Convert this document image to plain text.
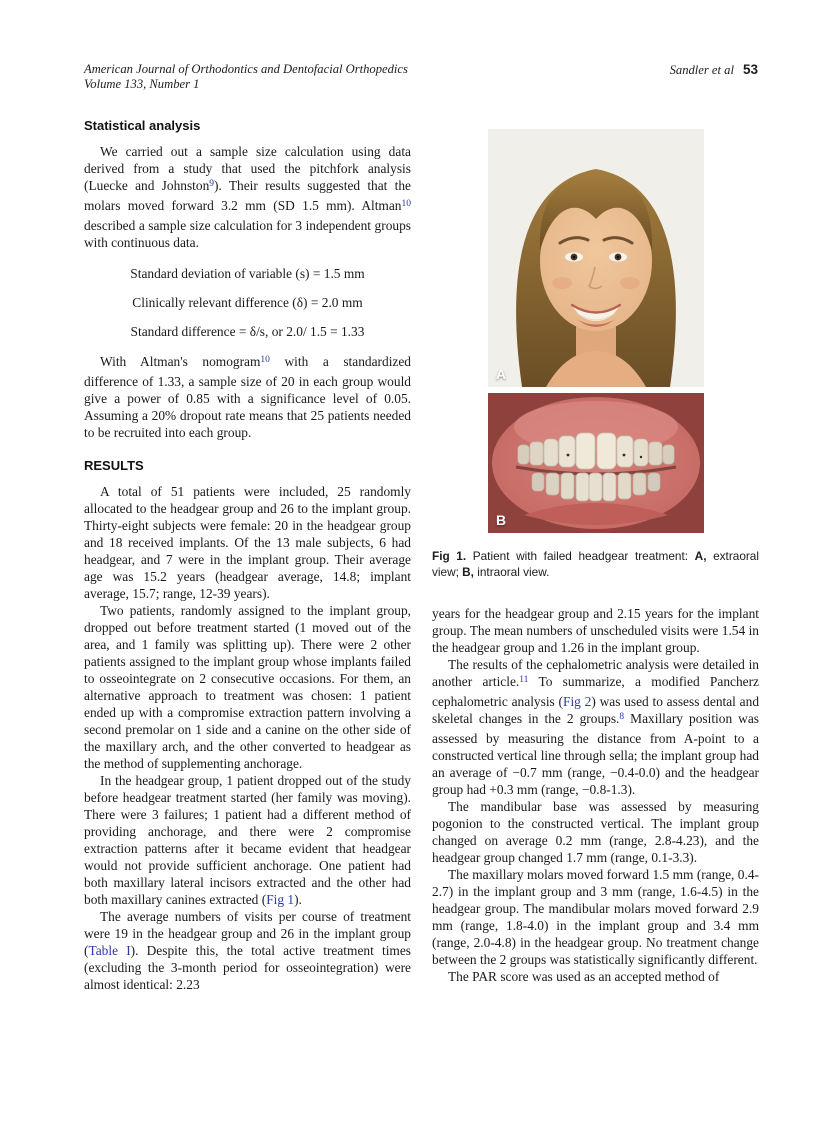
American Journal of Orthodontics and Dentofacial Orthopedics
Volume 133, Number 1
Sandler et al 53
Statistical analysis

We carried out a sample size calculation using data derived from a study that used the pitchfork analysis (Luecke and Johnston$^9$). Their results suggested that the molars moved forward 3.2 mm (SD 1.5 mm). Altman$^{10}$ described a sample size calculation for 3 independent groups with continuous data.

Standard deviation of variable (s) = 1.5 mm
Clinically relevant difference (δ) = 2.0 mm
Standard difference = δ/s, or 2.0/ 1.5 = 1.33

With Altman's nomogram$^{10}$ with a standardized difference of 1.33, a sample size of 20 in each group would give a power of 0.85 with a significance level of 0.05. Assuming a 20% dropout rate means that 25 patients needed to be recruited into each group.

RESULTS

A total of 51 patients were included, 25 randomly allocated to the headgear group and 26 to the implant group. Thirty-eight subjects were female: 20 in the headgear group and 18 received implants. Of the 13 male subjects, 6 had headgear, and 7 were in the implant group. Their average age was 15.2 years (headgear average, 14.8; implant average, 15.7; range, 12-39 years).

Two patients, randomly assigned to the implant group, dropped out before treatment started (1 moved out of the area, and 1 family was splitting up). There were 2 other patients assigned to the implant group whose implants failed to osseointegrate on 2 consecutive occasions. For them, an alternative approach to treatment was chosen: 1 patient ended up with a compromise extraction pattern involving a second premolar on 1 side and a canine on the other side of the maxillary arch, and the other converted to headgear as the method of supplementing anchorage.

In the headgear group, 1 patient dropped out of the study before headgear treatment started (her family was moving). There were 3 failures; 1 patient had a different method of providing anchorage, and there were 2 compromise extraction patterns after it became evident that headgear would not provide sufficient anchorage. One patient had both maxillary lateral incisors extracted and the other had both maxillary canines extracted (Fig 1).

The average numbers of visits per course of treatment were 19 in the headgear group and 26 in the implant group (Table I). Despite this, the total active treatment times (excluding the 3-month period for osseointegration) were almost identical: 2.23

A
B

Fig 1. Patient with failed headgear treatment: A, extraoral view; B, intraoral view.

years for the headgear group and 2.15 years for the implant group. The mean numbers of unscheduled visits were 1.54 in the headgear group and 1.26 in the implant group.

The results of the cephalometric analysis were detailed in another article.$^{11}$ To summarize, a modified Pancherz cephalometric analysis (Fig 2) was used to assess dental and skeletal changes in the 2 groups.$^8$ Maxillary position was assessed by measuring the distance from A-point to a constructed vertical line through sella; the implant group had an average of −0.7 mm (range, −0.4-0.0) and the headgear group had +0.3 mm (range, −0.8-1.3).

The mandibular base was assessed by measuring pogonion to the constructed vertical. The implant group changed on average 0.2 mm (range, 2.8-4.23), and the headgear group changed 1.7 mm (range, 0.1-3.3).

The maxillary molars moved forward 1.5 mm (range, 0.4-2.7) in the implant group and 3 mm (range, 1.6-4.5) in the headgear group. The mandibular molars moved forward 2.9 mm (range, 1.8-4.0) in the implant group and 3.4 mm (range, 2.0-4.8) in the headgear group. No treatment change between the 2 groups was statistically significantly different.

The PAR score was used as an accepted method of
